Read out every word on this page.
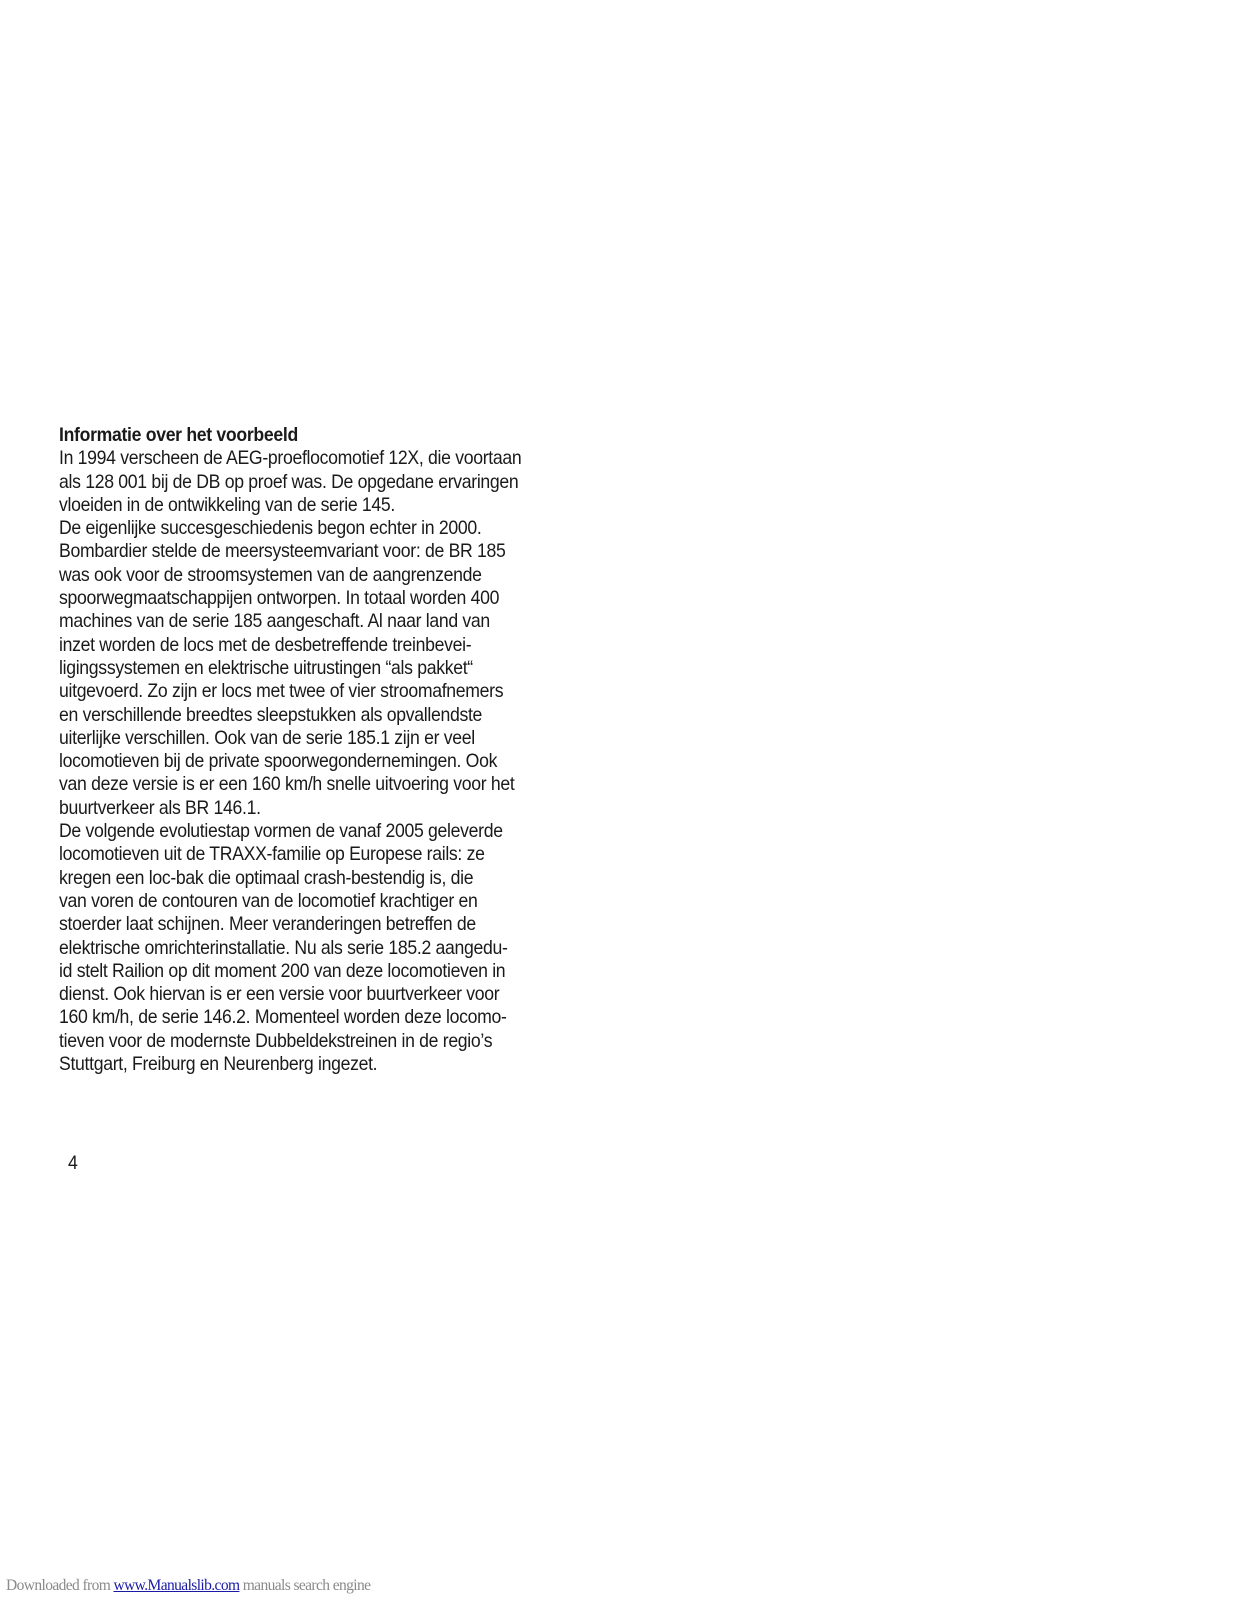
Informatie over het voorbeeld

In 1994 verscheen de AEG-proeflocomotief 12X, die voortaan
als 128 001 bij de DB op proef was. De opgedane ervaringen
vloeiden in de ontwikkeling van de serie 145.

De eigenlijke succesgeschiedenis begon echter in 2000.
Bombardier stelde de meersysteemvariant voor: de BR 185
was ook voor de stroomsystemen van de aangrenzende
spoorwegmaatschappijen ontworpen. In totaal worden 400
machines van de serie 185 aangeschaft. Al naar land van
inzet worden de locs met de desbetreffende treinbevei-
ligingssystemen en elektrische uitrustingen “als pakket“
uitgevoerd. Zo zijn er locs met twee of vier stroomafnemers
en verschillende breedtes sleepstukken als opvallendste
uiterlijke verschillen. Ook van de serie 185.1 zijn er veel
locomotieven bij de private spoorwegondernemingen. Ook
van deze versie is er een 160 km/h snelle uitvoering voor het
buurtverkeer als BR 146.1.

De volgende evolutiestap vormen de vanaf 2005 geleverde
locomotieven uit de TRAXX-familie op Europese rails: ze
kregen een loc-bak die optimaal crash-bestendig is, die
van voren de contouren van de locomotief krachtiger en
stoerder laat schijnen. Meer veranderingen betreffen de
elektrische omrichterinstallatie. Nu als serie 185.2 aangedu-
id stelt Railion op dit moment 200 van deze locomotieven in
dienst. Ook hiervan is er een versie voor buurtverkeer voor
160 km/h, de serie 146.2. Momenteel worden deze locomo-
tieven voor de modernste Dubbeldekstreinen in de regio’s
Stuttgart, Freiburg en Neurenberg ingezet.

4
Downloaded from www.Manualslib.com manuals search engine
